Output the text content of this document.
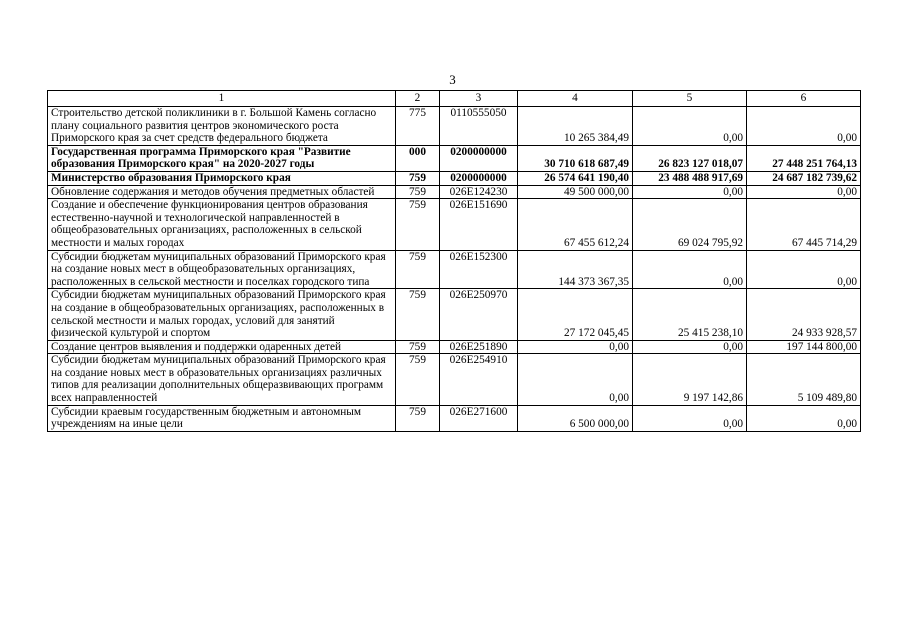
3
1	2	3	4	5	6
Строительство детской поликлиники в г. Большой Камень согласно плану социального развития центров экономического роста Приморского края за счет средств федерального бюджета	775	0110555050	10 265 384,49	0,00	0,00
Государственная программа Приморского края "Развитие образования Приморского края" на 2020-2027 годы	000	0200000000	30 710 618 687,49	26 823 127 018,07	27 448 251 764,13
Министерство образования Приморского края	759	0200000000	26 574 641 190,40	23 488 488 917,69	24 687 182 739,62
Обновление содержания и методов обучения предметных областей	759	026Е124230	49 500 000,00	0,00	0,00
Создание и обеспечение функционирования центров образования естественно-научной и технологической направленностей в общеобразовательных организациях, расположенных в сельской местности и малых городах	759	026Е151690	67 455 612,24	69 024 795,92	67 445 714,29
Субсидии бюджетам муниципальных образований Приморского края на создание новых мест в общеобразовательных организациях, расположенных в сельской местности и поселках городского типа	759	026Е152300	144 373 367,35	0,00	0,00
Субсидии бюджетам муниципальных образований Приморского края на создание в общеобразовательных организациях, расположенных в сельской местности и малых городах, условий для занятий физической культурой и спортом	759	026Е250970	27 172 045,45	25 415 238,10	24 933 928,57
Создание центров выявления и поддержки одаренных детей	759	026Е251890	0,00	0,00	197 144 800,00
Субсидии бюджетам муниципальных образований Приморского края на создание новых мест в образовательных организациях различных типов для реализации дополнительных общеразвивающих программ всех направленностей	759	026Е254910	0,00	9 197 142,86	5 109 489,80
Субсидии краевым государственным бюджетным и автономным учреждениям на иные цели	759	026Е271600	6 500 000,00	0,00	0,00
